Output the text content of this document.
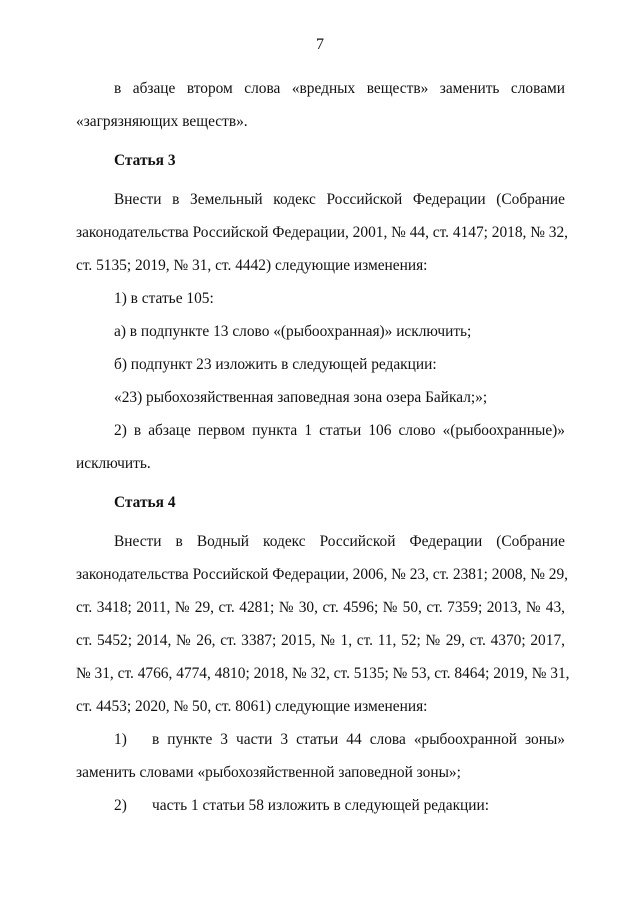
7
в абзаце втором слова «вредных веществ» заменить словами
«загрязняющих веществ».
Статья 3
Внести в Земельный кодекс Российской Федерации (Собрание
законодательства Российской Федерации, 2001, № 44, ст. 4147; 2018, № 32,
ст. 5135; 2019, № 31, ст. 4442) следующие изменения:
1) в статье 105:
а) в подпункте 13 слово «(рыбоохранная)» исключить;
б) подпункт 23 изложить в следующей редакции:
«23) рыбохозяйственная заповедная зона озера Байкал;»;
2) в абзаце первом пункта 1 статьи 106 слово «(рыбоохранные)»
исключить.
Статья 4
Внести в Водный кодекс Российской Федерации (Собрание
законодательства Российской Федерации, 2006, № 23, ст. 2381; 2008, № 29,
ст. 3418; 2011, № 29, ст. 4281; № 30, ст. 4596; № 50, ст. 7359; 2013, № 43,
ст. 5452; 2014, № 26, ст. 3387; 2015, № 1, ст. 11, 52; № 29, ст. 4370; 2017,
№ 31, ст. 4766, 4774, 4810; 2018, № 32, ст. 5135; № 53, ст. 8464; 2019, № 31,
ст. 4453; 2020, № 50, ст. 8061) следующие изменения:
1) в пункте 3 части 3 статьи 44 слова «рыбоохранной зоны»
заменить словами «рыбохозяйственной заповедной зоны»;
2) часть 1 статьи 58 изложить в следующей редакции:
